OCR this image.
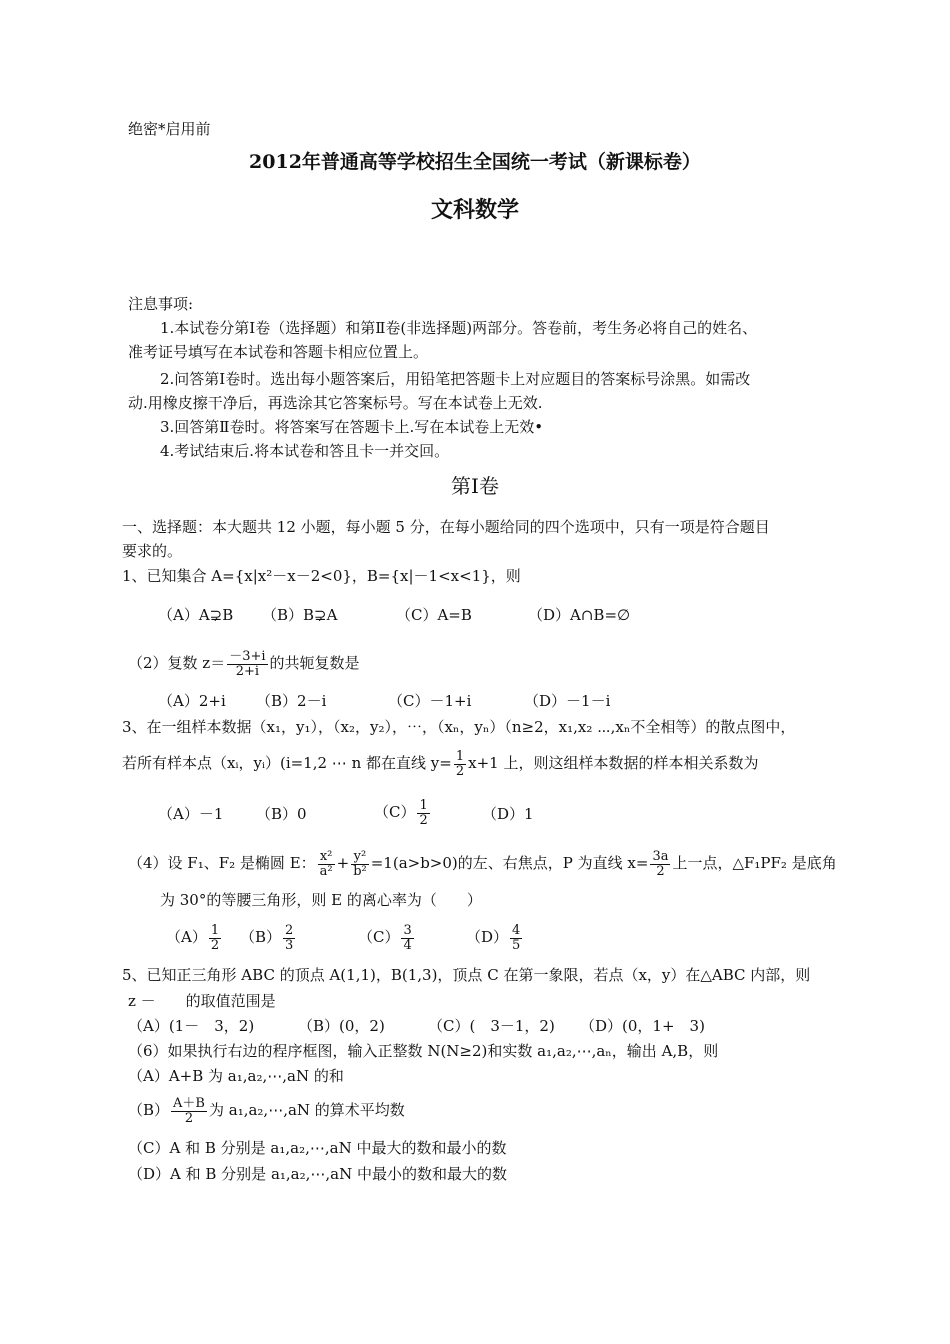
绝密*启用前
2012年普通高等学校招生全国统一考试（新课标卷）
文科数学
注息事项:
1.本试卷分第Ⅰ卷（选择题）和第Ⅱ卷(非选择题)两部分。答卷前，考生务必将自己的姓名、
准考证号填写在本试卷和答题卡相应位置上。
2.问答第Ⅰ卷时。选出每小题答案后，用铅笔把答题卡上对应题目的答案标号涂黑。如需改
动.用橡皮擦干净后，再选涂其它答案标号。写在本试卷上无效.
3.回答第Ⅱ卷时。将答案写在答题卡上.写在本试卷上无效•
4.考试结束后.将本试卷和答且卡一并交回。
第Ⅰ卷
一、选择题：本大题共 12 小题，每小题 5 分，在每小题给同的四个选项中，只有一项是符合题目
要求的。
1、已知集合 A={x|x²－x－2<0}，B={x|－1<x<1}，则
（A）A⊋B （B）B⊋A	（C）A=B	（D）A∩B=∅
（2）复数 $z= \frac{-3+i}{2+i}$ 的共轭复数是
（A）2+i （B）2－i	（C）－1+i	（D）－1－i
3、在一组样本数据（x₁，y₁），（x₂，y₂），⋯，（xₙ，yₙ）（n≥2，x₁,x₂ ⋯,xₙ不全相等）的散点图中，
若所有样本点（xᵢ，yᵢ）(i=1,2 ⋯ n 都在直线 $y= \frac{1}{2} x+1$ 上，则这组样本数据的样本相关系数为
（A）－1 （B）0	$(C) \frac{1}{2}$	（D）1
（4）设 F₁、F₂ 是椭圆 E： $\frac{\text{x²}}{\text{a²}} + \frac{\text{y²}}{\text{b²}} =1(a>b>0)$的左、右焦点，P 为直线 $x= \frac{3a}{2}$ 上一点，△F₁PF₂ 是底角
为 30°的等腰三角形，则 E 的离心率为（　　）
$(A) \frac{1}{2} (B) \frac{2}{3}$	$(C) \frac{3}{4}$	$(D) \frac{4}{5}$
5、已知正三角形 ABC 的顶点 A(1,1)，B(1,3)，顶点 C 在第一象限，若点（x，y）在△ABC 内部，则
z －　　的取值范围是
（A）(1－　3，2)	（B）(0，2)	（C）(　3－1，2) （D）(0，1+　3)
（6）如果执行右边的程序框图，输入正整数 N(N≥2)和实数 a₁,a₂,⋯,aₙ，输出 A,B，则
（A）A+B 为 a₁,a₂,⋯,aN 的和
$(B) \frac{A+B}{2}$ 为 a₁,a₂,⋯,aN 的算术平均数
（C）A 和 B 分别是 a₁,a₂,⋯,aN 中最大的数和最小的数
（D）A 和 B 分别是 a₁,a₂,⋯,aN 中最小的数和最大的数
